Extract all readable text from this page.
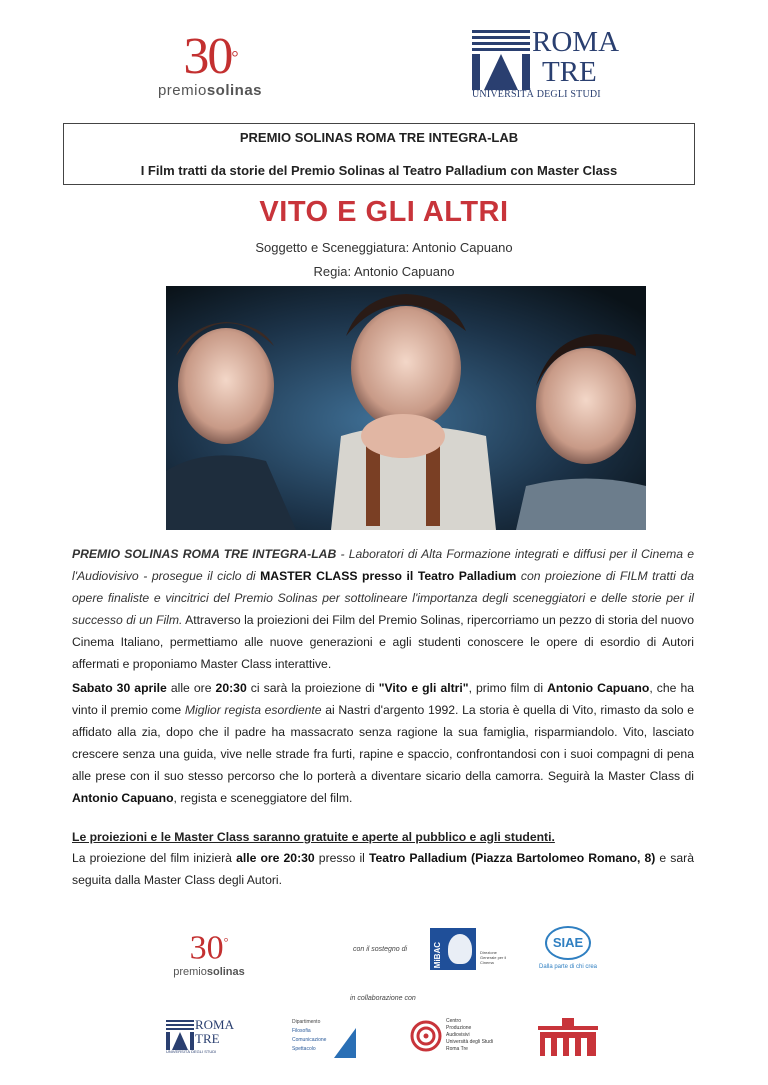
30°
premiosolinas
ROMA
TRE
UNIVERSITÀ DEGLI STUDI
PREMIO SOLINAS ROMA TRE INTEGRA-LAB
I Film tratti da storie del Premio Solinas al Teatro Palladium con Master Class
VITO E GLI ALTRI
Soggetto e Sceneggiatura: Antonio Capuano
Regia: Antonio Capuano
PREMIO SOLINAS ROMA TRE INTEGRA-LAB - Laboratori di Alta Formazione integrati e diffusi per il Cinema e l'Audiovisivo - prosegue il ciclo di MASTER CLASS presso il Teatro Palladium con proiezione di FILM tratti da opere finaliste e vincitrici del Premio Solinas per sottolineare l'importanza degli sceneggiatori e delle storie per il successo di un Film. Attraverso la proiezioni dei Film del Premio Solinas, ripercorriamo un pezzo di storia del nuovo Cinema Italiano, permettiamo alle nuove generazioni e agli studenti conoscere le opere di esordio di Autori affermati e proponiamo Master Class interattive.
Sabato 30 aprile alle ore 20:30 ci sarà la proiezione di "Vito e gli altri", primo film di Antonio Capuano, che ha vinto il premio come Miglior regista esordiente ai Nastri d'argento 1992. La storia è quella di Vito, rimasto da solo e affidato alla zia, dopo che il padre ha massacrato senza ragione la sua famiglia, risparmiandolo. Vito, lasciato crescere senza una guida, vive nelle strade fra furti, rapine e spaccio, confrontandosi con i suoi compagni di pena alle prese con il suo stesso percorso che lo porterà a diventare sicario della camorra. Seguirà la Master Class di Antonio Capuano, regista e sceneggiatore del film.
Le proiezioni e le Master Class saranno gratuite e aperte al pubblico e agli studenti.
La proiezione del film inizierà alle ore 20:30 presso il Teatro Palladium (Piazza Bartolomeo Romano, 8) e sarà seguita dalla Master Class degli Autori.
30°
premiosolinas
con il sostegno di	MiBAC	Direzione Generale per il Cinema
SIAE
Dalla parte di chi crea
in collaborazione con
ROMA
TRE
UNIVERSITÀ DEGLI STUDI
Dipartimento
Filosofia
Comunicazione
Spettacolo
Centro
Produzione
Audiovisivi
Università degli Studi
Roma Tre
